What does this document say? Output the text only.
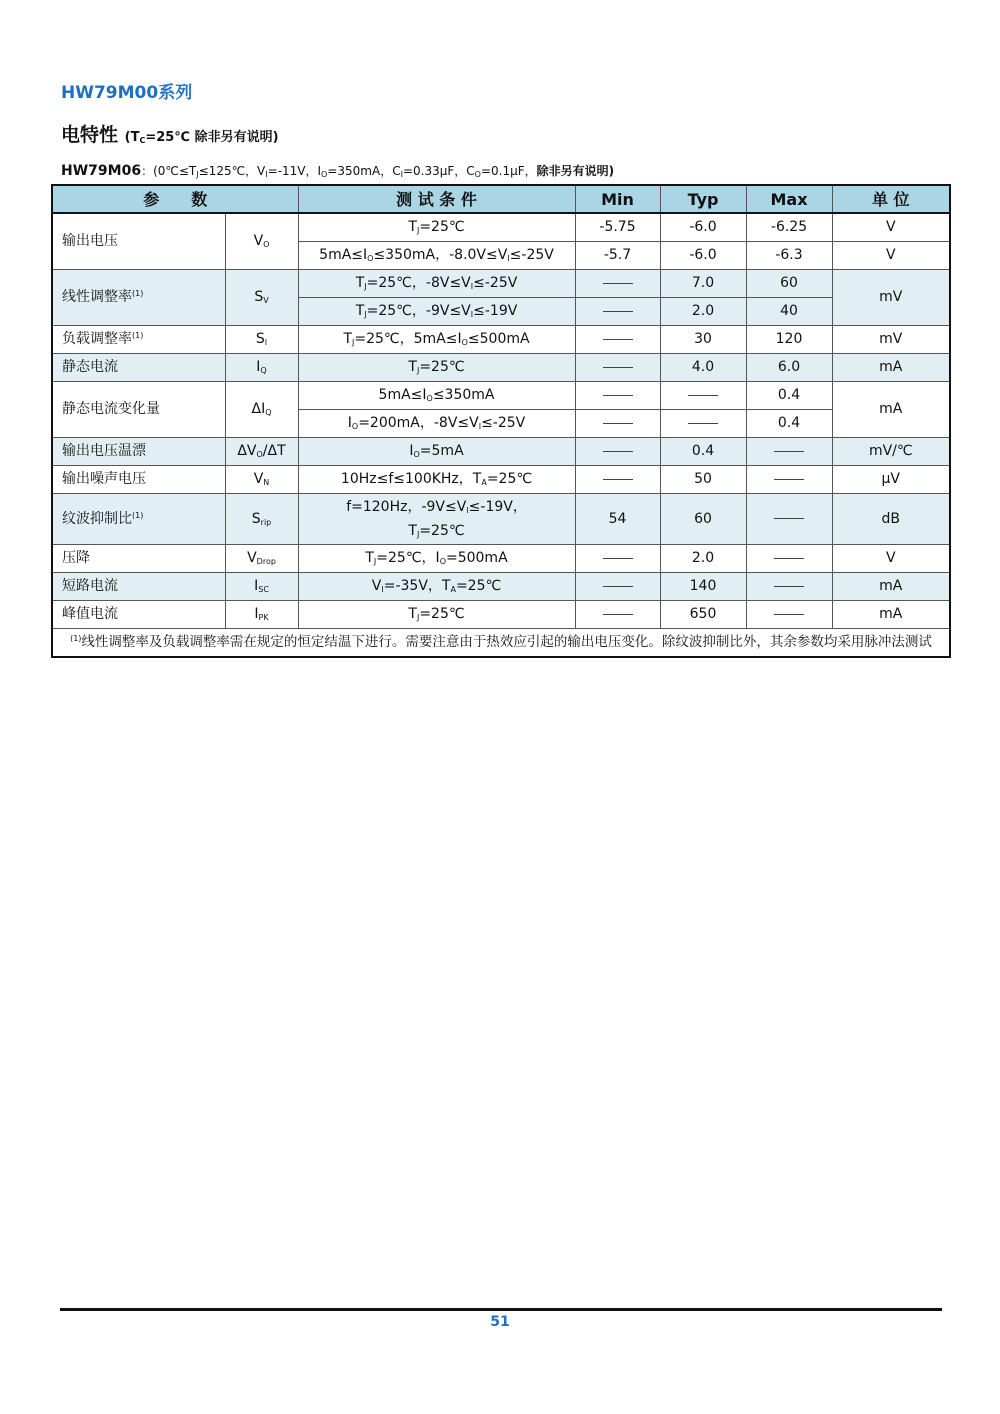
HW79M00系列
电特性 ($T_C=25℃$ 除非另有说明)
HW79M06：($0℃\le T_J\le 125℃$，$V_I=-11V$，$I_O=350mA$，$C_I=0.33\mu F$，$C_O=0.1\mu F$，除非另有说明)
参　　数		测 试 条 件	Min	Typ	Max	单 位
输出电压	$V_O$	$T_J=25℃$	-5.75	-6.0	-6.25	V
		$5mA\le I_O\le 350mA$，$-8.0V\le V_I\le-25V$	-5.7	-6.0	-6.3	V
线性调整率$^{(1)}$	$S_V$	$T_J=25℃$，$-8V\le V_I\le-25V$		7.0	60	mV
		$T_J=25℃$，$-9V\le V_I\le-19V$		2.0	40	
负载调整率$^{(1)}$	$S_I$	$T_J=25℃$，$5mA\le I_O\le 500mA$		30	120	mV
静态电流	$I_Q$	$T_J=25℃$		4.0	6.0	mA
静态电流变化量	$\Delta I_Q$	$5mA\le I_O\le 350mA$			0.4	mA
		$I_O=200mA$，$-8V\le V_I\le-25V$			0.4	
输出电压温漂	$\Delta V_O/\Delta T$	$I_O=5mA$		0.4		mV/℃
输出噪声电压	$V_N$	10Hz≤f≤100KHz，$T_A=25℃$		50		μV
纹波抑制比$^{(1)}$	$S_{rip}$	f=120Hz，$-9V\le V_I\le-19V$，
$T_J=25℃$	54	60		dB
压降	$V_{Drop}$	$T_J=25℃$，$I_O=500mA$		2.0		V
短路电流	$I_{SC}$	$V_I=-35V$，$T_A=25℃$		140		mA
峰值电流	$I_{PK}$	$T_J=25℃$		650		mA
$^{(1)}$线性调整率及负载调整率需在规定的恒定结温下进行。需要注意由于热效应引起的输出电压变化。除纹波抑制比外，其余参数均采用脉冲法测试						
51
